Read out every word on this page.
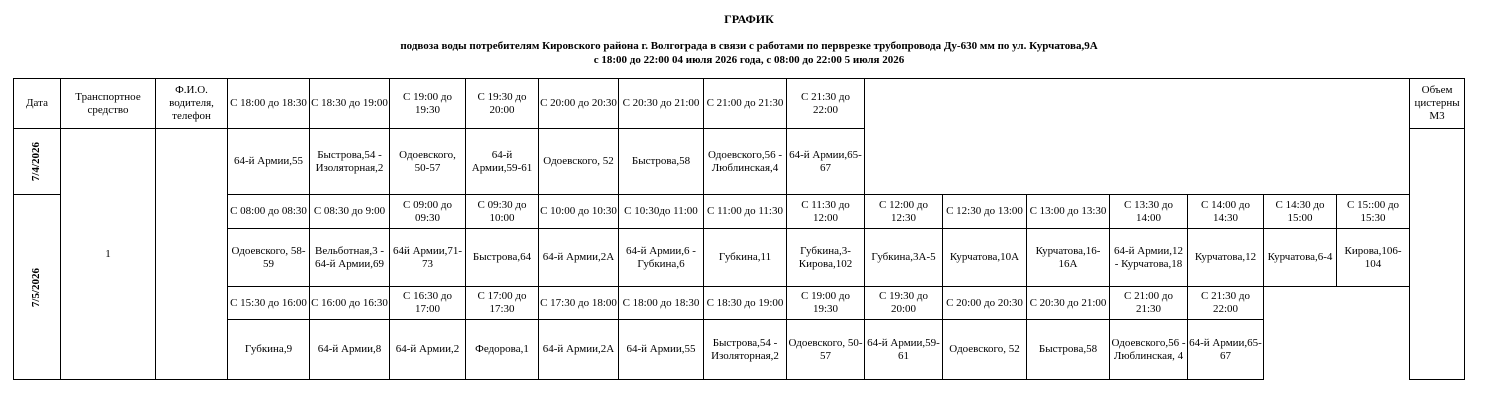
ГРАФИК
подвоза воды потребителям Кировского района г. Волгограда в связи с работами по перврезке трубопровода Ду-630 мм по ул. Курчатова,9А
с 18:00 до 22:00 04 июля 2026 года, с 08:00 до 22:00 5 июля 2026
Дата	Транспортное средство	Ф.И.О. водителя, телефон	С 18:00 до 18:30	С 18:30 до 19:00	С 19:00 до 19:30	С 19:30 до 20:00	С 20:00 до 20:30	С 20:30 до 21:00	С 21:00 до 21:30	С 21:30 до 22:00								Объем цистерны М3
7/4/2026	1		64-й Армии,55	Быстрова,54 - Изоляторная,2	Одоевского, 50-57	64-й Армии,59-61	Одоевского, 52	Быстрова,58	Одоевского,56 - Люблинская,4	64-й Армии,65-67								
7/5/2026			С 08:00 до 08:30	С 08:30 до 9:00	С 09:00 до 09:30	С 09:30 до 10:00	С 10:00 до 10:30	С 10:30до 11:00	С 11:00 до 11:30	С 11:30 до 12:00	С 12:00 до 12:30	С 12:30 до 13:00	С 13:00 до 13:30	С 13:30 до 14:00	С 14:00 до 14:30	С 14:30 до 15:00	С 15::00 до 15:30	
			Одоевского, 58-59	Вельботная,3 - 64-й Армии,69	64й Армии,71-73	Быстрова,64	64-й Армии,2А	64-й Армии,6 - Губкина,6	Губкина,11	Губкина,3-Кирова,102	Губкина,3А-5	Курчатова,10А	Курчатова,16-16А	64-й Армии,12 - Курчатова,18	Курчатова,12	Курчатова,6-4	Кирова,106-104	
			С 15:30 до 16:00	С 16:00 до 16:30	С 16:30 до 17:00	С 17:00 до 17:30	С 17:30 до 18:00	С 18:00 до 18:30	С 18:30 до 19:00	С 19:00 до 19:30	С 19:30 до 20:00	С 20:00 до 20:30	С 20:30 до 21:00	С 21:00 до 21:30	С 21:30 до 22:00			
			Губкина,9	64-й Армии,8	64-й Армии,2	Федорова,1	64-й Армии,2А	64-й Армии,55	Быстрова,54 - Изоляторная,2	Одоевского, 50-57	64-й Армии,59-61	Одоевского, 52	Быстрова,58	Одоевского,56 - Люблинская, 4	64-й Армии,65-67			
